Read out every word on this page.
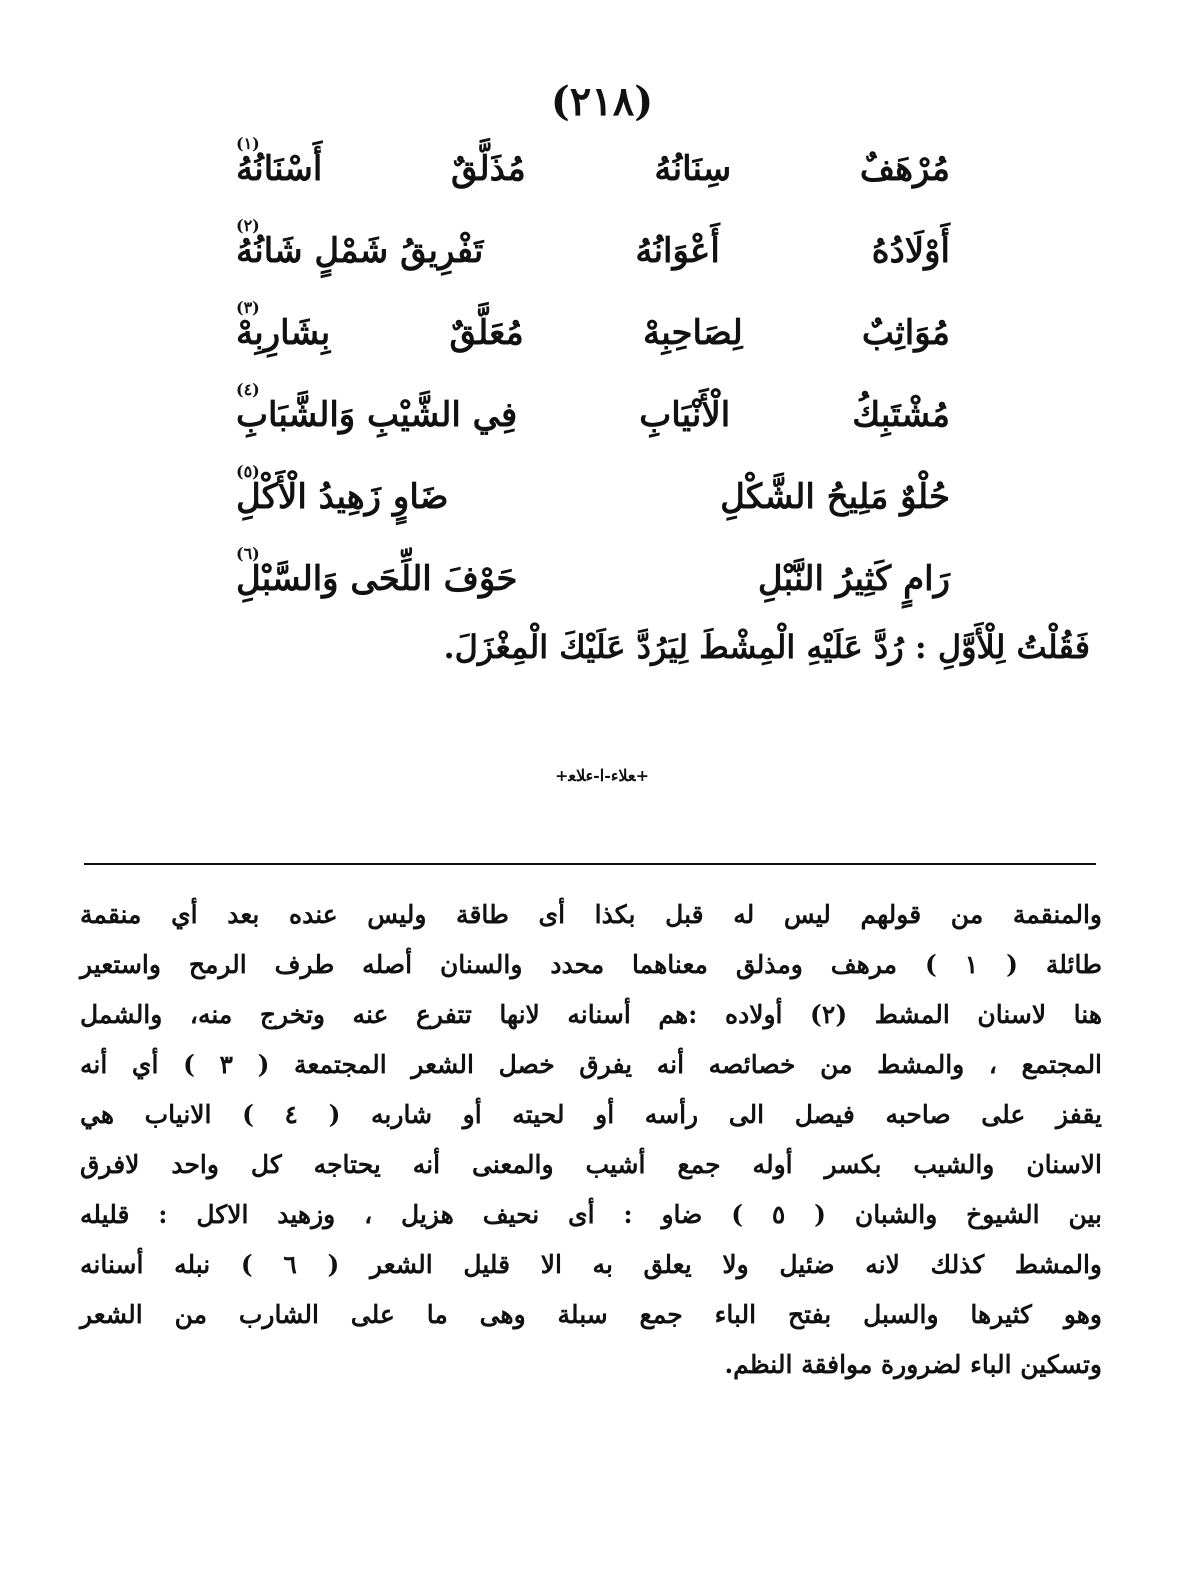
(٢١٨)
مُرْهَفٌ
سِنَانُهُ
مُذَلَّقٌ
أَسْنَانُهُ
(١)
أَوْلَادُهُ
أَعْوَانُهُ
تَفْرِيقُ شَمْلٍ شَانُهُ
(٢)
مُوَاثِبٌ
لِصَاحِبِهْ
مُعَلَّقٌ
بِشَارِبِهْ
(٣)
مُشْتَبِكُ
الْأَنْيَابِ
فِي الشَّيْبِ وَالشَّبَابِ
(٤)
حُلْوٌ مَلِيحُ الشَّكْلِ
ضَاوٍ زَهِيدُ الْأَكْلِ
(٥)
رَامٍ كَثِيرُ النَّبْلِ
حَوْفَ اللِّحَى وَالسَّبْلِ
(٦)
فَقُلْتُ لِلْأَوَّلِ : رُدَّ عَلَيْهِ الْمِشْطَ لِيَرُدَّ عَلَيْكَ الْمِغْزَلَ.
+ﻌﻼﺀ-ﺍ-ﺀﻼﻌ+
والمنقمة من قولهم ليس له قبل بكذا أى طاقة وليس عنده بعد أي منقمة
طائلة ( ١ ) مرهف ومذلق معناهما محدد والسنان أصله طرف الرمح واستعير
هنا لاسنان المشط (٢) أولاده :هم أسنانه لانها تتفرع عنه وتخرج منه، والشمل
المجتمع ، والمشط من خصائصه أنه يفرق خصل الشعر المجتمعة ( ٣ ) أي أنه
يقفز على صاحبه فيصل الى رأسه أو لحيته أو شاربه ( ٤ ) الانياب هي
الاسنان والشيب بكسر أوله جمع أشيب والمعنى أنه يحتاجه كل واحد لافرق
بين الشيوخ والشبان ( ٥ ) ضاو : أى نحيف هزيل ، وزهيد الاكل : قليله
والمشط كذلك لانه ضئيل ولا يعلق به الا قليل الشعر ( ٦ ) نبله أسنانه
وهو كثيرها والسبل بفتح الباء جمع سبلة وهى ما على الشارب من الشعر
وتسكين الباء لضرورة موافقة النظم.
